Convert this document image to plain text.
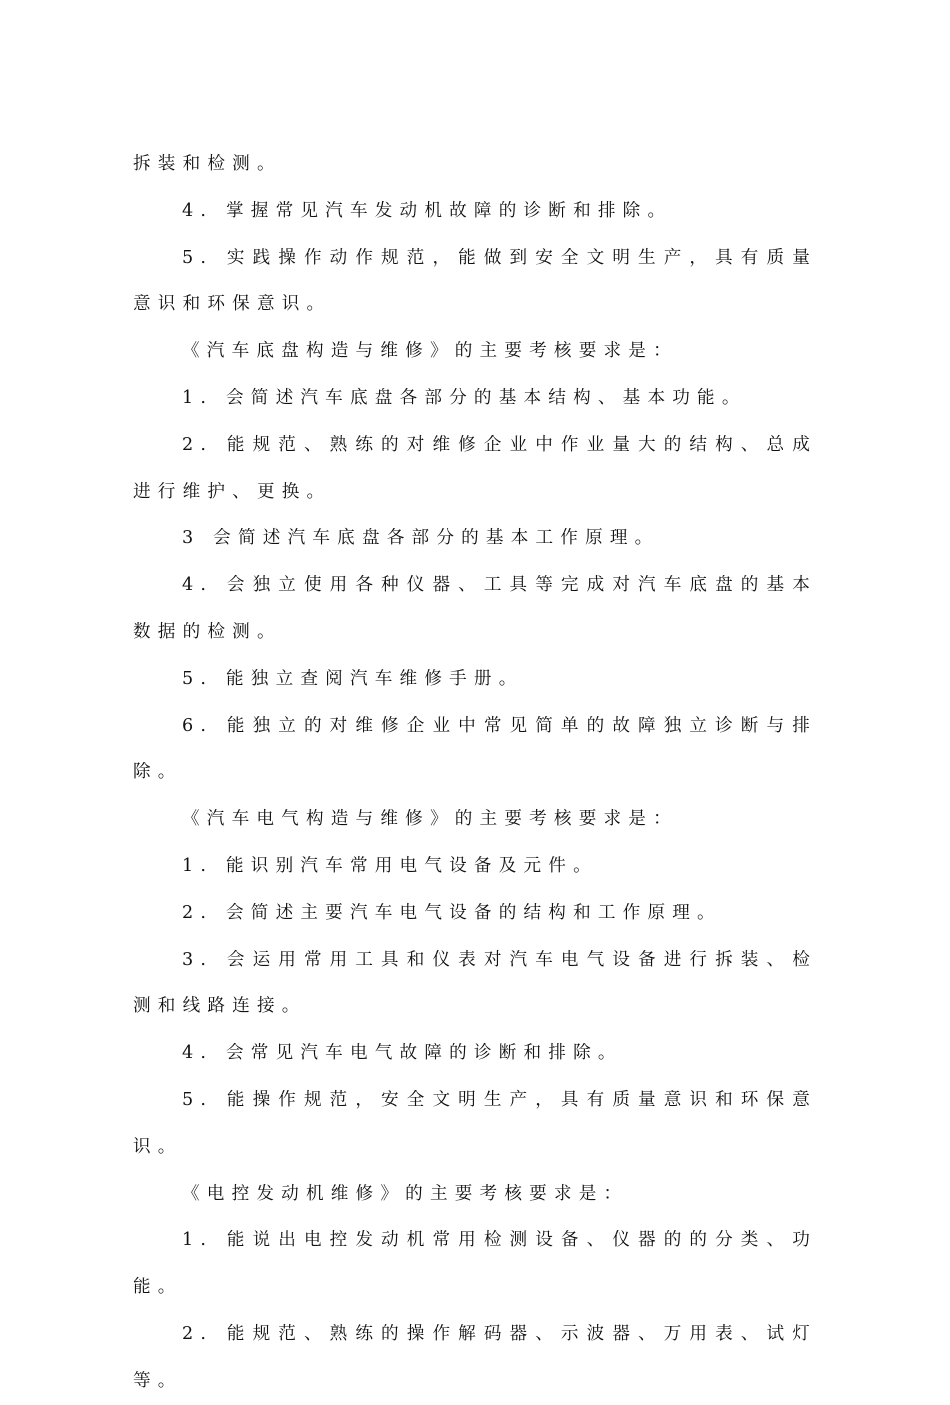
拆装和检测。

4. 掌握常见汽车发动机故障的诊断和排除。

5. 实践操作动作规范，能做到安全文明生产，具有质量意识和环保意识。

《汽车底盘构造与维修》的主要考核要求是：

1. 会简述汽车底盘各部分的基本结构、基本功能。

2. 能规范、熟练的对维修企业中作业量大的结构、总成进行维护、更换。

3 会简述汽车底盘各部分的基本工作原理。

4. 会独立使用各种仪器、工具等完成对汽车底盘的基本数据的检测。

5. 能独立查阅汽车维修手册。

6. 能独立的对维修企业中常见简单的故障独立诊断与排除。

《汽车电气构造与维修》的主要考核要求是：

1. 能识别汽车常用电气设备及元件。

2. 会简述主要汽车电气设备的结构和工作原理。

3. 会运用常用工具和仪表对汽车电气设备进行拆装、检测和线路连接。

4. 会常见汽车电气故障的诊断和排除。

5. 能操作规范，安全文明生产，具有质量意识和环保意识。

《电控发动机维修》的主要考核要求是：

1. 能说出电控发动机常用检测设备、仪器的的分类、功能。

2. 能规范、熟练的操作解码器、示波器、万用表、试灯等。
